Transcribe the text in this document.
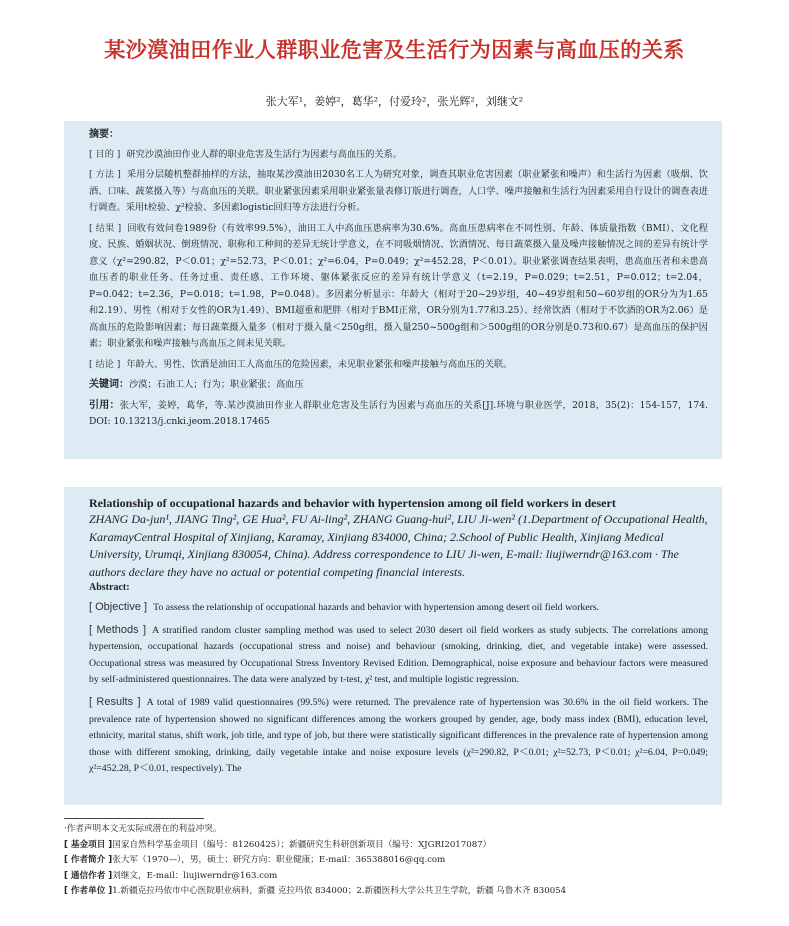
某沙漠油田作业人群职业危害及生活行为因素与高血压的关系
张大军¹，姜婷²，葛华²，付爱玲²，张光辉²，刘继文²
摘要：
[ 目的 ] 研究沙漠油田作业人群的职业危害及生活行为因素与高血压的关系。
[ 方法 ] 采用分层随机整群抽样的方法，抽取某沙漠油田2030名工人为研究对象，调查其职业危害因素（职业紧张和噪声）和生活行为因素（吸烟、饮酒、口味、蔬菜摄入等）与高血压的关联。职业紧张因素采用职业紧张量表修订版进行调查，人口学、噪声接触和生活行为因素采用自行设计的调查表进行调查。采用t检验、χ²检验、多因素logistic回归等方法进行分析。
[ 结果 ] 回收有效问卷1989份（有效率99.5%），油田工人中高血压患病率为30.6%。高血压患病率在不同性别、年龄、体质量指数（BMI）、文化程度、民族、婚姻状况、倒班情况、职称和工种间的差异无统计学意义，在不同吸烟情况、饮酒情况、每日蔬菜摄入量及噪声接触情况之间的差异有统计学意义（χ²=290.82，P＜0.01；χ²=52.73，P＜0.01；χ²=6.04，P=0.049；χ²=452.28，P＜0.01）。职业紧张调查结果表明，患高血压者和未患高血压者的职业任务、任务过重、责任感、工作环境、躯体紧张反应的差异有统计学意义（t=2.19，P=0.029；t=2.51，P=0.012；t=2.04，P=0.042；t=2.36，P=0.018；t=1.98，P=0.048）。多因素分析显示：年龄大（相对于20~29岁组，40~49岁组和50~60岁组的OR分为为1.65和2.19）、男性（相对于女性的OR为1.49）、BMI超重和肥胖（相对于BMI正常，OR分别为1.77和3.25）、经常饮酒（相对于不饮酒的OR为2.06）是高血压的危险影响因素；每日蔬菜摄入量多（相对于摄入量＜250g组，摄入量250~500g组和＞500g组的OR分别是0.73和0.67）是高血压的保护因素；职业紧张和噪声接触与高血压之间未见关联。
[ 结论 ] 年龄大、男性、饮酒是油田工人高血压的危险因素，未见职业紧张和噪声接触与高血压的关联。
关键词：沙漠；石油工人；行为；职业紧张；高血压
引用：张大军，姜婷，葛华，等.某沙漠油田作业人群职业危害及生活行为因素与高血压的关系[J].环境与职业医学，2018，35(2)：154-157，174. DOI: 10.13213/j.cnki.jeom.2018.17465
Relationship of occupational hazards and behavior with hypertension among oil field workers in desert
ZHANG Da-jun¹, JIANG Ting², GE Hua², FU Ai-ling², ZHANG Guang-hui², LIU Ji-wen² (1.Department of Occupational Health, KaramayCentral Hospital of Xinjiang, Karamay, Xinjiang 834000, China; 2.School of Public Health, Xinjiang Medical University, Urumqi, Xinjiang 830054, China). Address correspondence to LIU Ji-wen, E-mail: liujiwerndr@163.com · The authors declare they have no actual or potential competing financial interests.
Abstract:
[ Objective ] To assess the relationship of occupational hazards and behavior with hypertension among desert oil field workers.
[ Methods ] A stratified random cluster sampling method was used to select 2030 desert oil field workers as study subjects. The correlations among hypertension, occupational hazards (occupational stress and noise) and behaviour (smoking, drinking, diet, and vegetable intake) were assessed. Occupational stress was measured by Occupational Stress Inventory Revised Edition. Demographical, noise exposure and behaviour factors were measured by self-administered questionnaires. The data were analyzed by t-test, χ² test, and multiple logistic regression.
[ Results ] A total of 1989 valid questionnaires (99.5%) were returned. The prevalence rate of hypertension was 30.6% in the oil field workers. The prevalence rate of hypertension showed no significant differences among the workers grouped by gender, age, body mass index (BMI), education level, ethnicity, marital status, shift work, job title, and type of job, but there were statistically significant differences in the prevalence rate of hypertension among those with different smoking, drinking, daily vegetable intake and noise exposure levels (χ²=290.82, P＜0.01; χ²=52.73, P＜0.01; χ²=6.04, P=0.049; χ²=452.28, P＜0.01, respectively). The
·作者声明本文无实际或潜在的利益冲突。
[ 基金项目 ]国家自然科学基金项目（编号：81260425）；新疆研究生科研创新项目（编号：XJGRI2017087）
[ 作者简介 ]张大军（1970—），男，硕士；研究方向：职业健康；E-mail：365388016@qq.com
[ 通信作者 ]刘继文，E-mail：liujiwerndr@163.com
[ 作者单位 ]1.新疆克拉玛依市中心医院职业病科，新疆 克拉玛依 834000；2.新疆医科大学公共卫生学院，新疆 乌鲁木齐 830054
